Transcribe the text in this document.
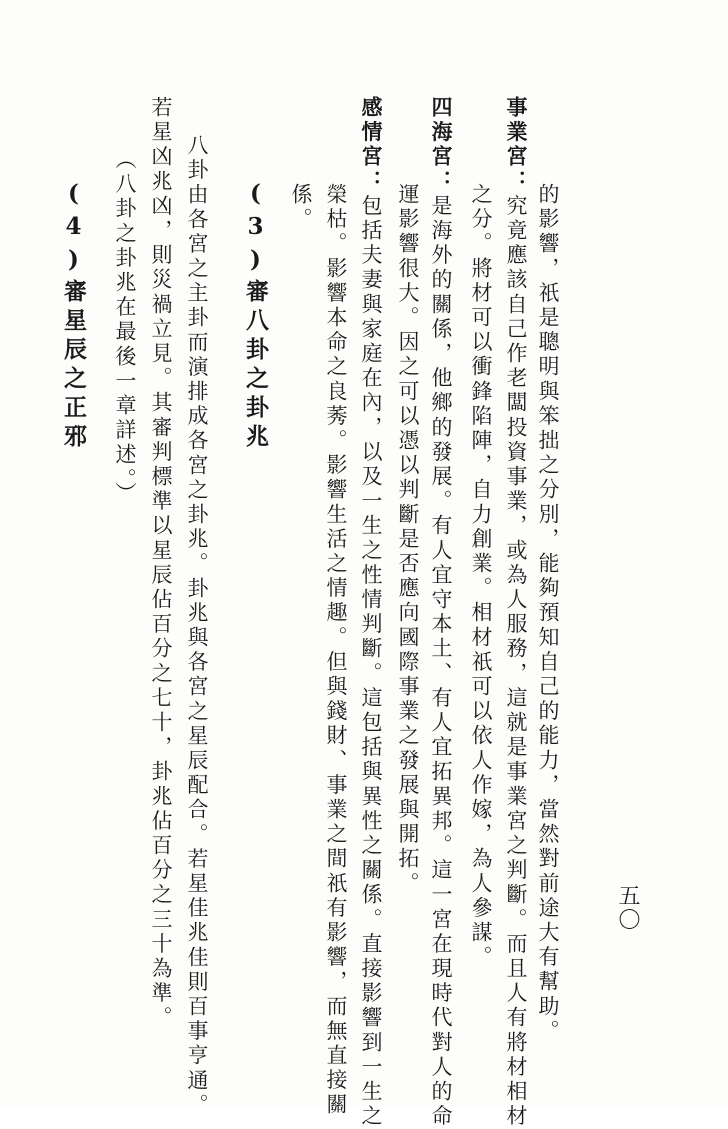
的影響，祇是聰明與笨拙之分別，能夠預知自己的能力，當然對前途大有幫助。
事業宮：究竟應該自己作老闆投資事業，或為人服務，這就是事業宮之判斷。而且人有將材相材
之分。將材可以衝鋒陷陣，自力創業。相材祇可以依人作嫁，為人參謀。
四海宮：是海外的關係，他鄉的發展。有人宜守本土、有人宜拓異邦。這一宮在現時代對人的命
運影響很大。因之可以憑以判斷是否應向國際事業之發展與開拓。
感情宮：包括夫妻與家庭在內，以及一生之性情判斷。這包括與異性之關係。直接影響到一生之
榮枯。影響本命之良莠。影響生活之情趣。但與錢財、事業之間祇有影響，而無直接關
係。
(3)審八卦之卦兆
八卦由各宮之主卦而演排成各宮之卦兆。卦兆與各宮之星辰配合。若星佳兆佳則百事亨通。
若星凶兆凶，則災禍立見。其審判標準以星辰佔百分之七十，卦兆佔百分之三十為準。
（八卦之卦兆在最後一章詳述。）
(4)審星辰之正邪
五〇
